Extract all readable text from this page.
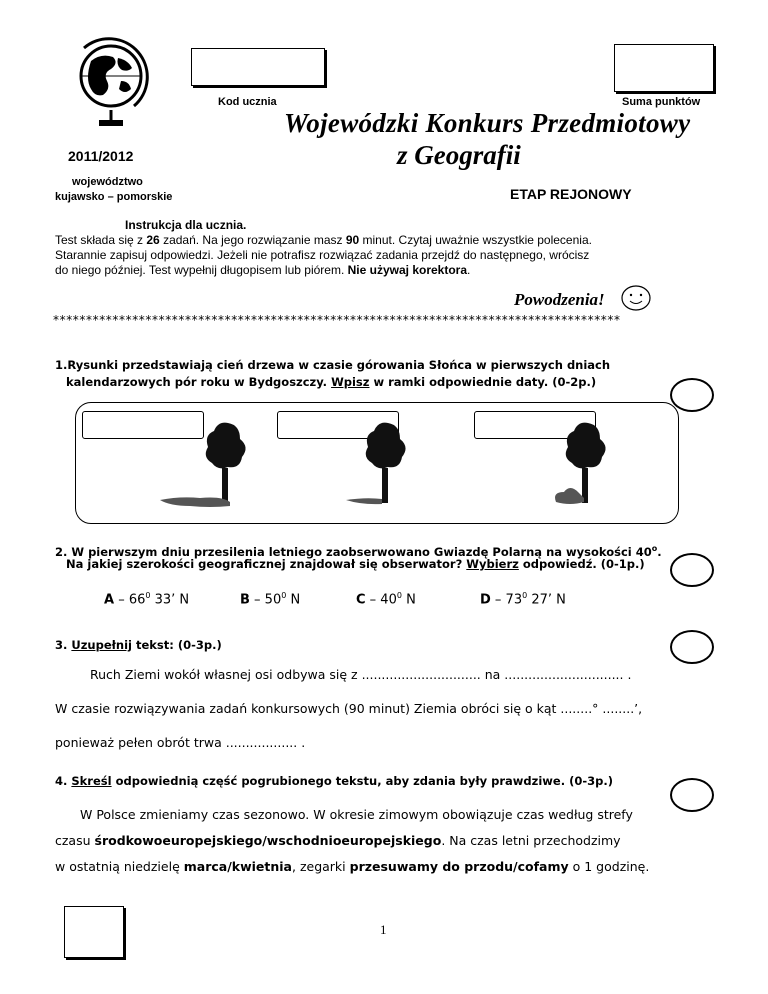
Kod ucznia	Suma punktów
Wojewódzki Konkurs Przedmiotowy
z Geografii
2011/2012
województwo
kujawsko – pomorskie	ETAP REJONOWY
Instrukcja dla ucznia.
Test składa się z 26 zadań. Na jego rozwiązanie masz 90 minut. Czytaj uważnie wszystkie polecenia.
Starannie zapisuj odpowiedzi. Jeżeli nie potrafisz rozwiązać zadania przejdź do następnego, wrócisz
do niego później. Test wypełnij długopisem lub piórem. Nie używaj korektora.
Powodzenia!
**************************************************************************************
1.Rysunki przedstawiają cień drzewa w czasie górowania Słońca w pierwszych dniach
kalendarzowych pór roku w Bydgoszczy. Wpisz w ramki odpowiednie daty. (0-2p.)
2. W pierwszym dniu przesilenia letniego zaobserwowano Gwiazdę Polarną na wysokości 40$^o$.
Na jakiej szerokości geograficznej znajdował się obserwator? Wybierz odpowiedź. (0-1p.)
A – $66^0$ 33’ N	B – $50^0$ N	C – $40^0$ N	D – $73^0$ 27’ N
3. Uzupełnij tekst: (0-3p.)
Ruch Ziemi wokół własnej osi odbywa się z .............................. na .............................. .
W czasie rozwiązywania zadań konkursowych (90 minut) Ziemia obróci się o kąt ........° ........’,
ponieważ pełen obrót trwa .................. .
4. Skreśl odpowiednią część pogrubionego tekstu, aby zdania były prawdziwe. (0-3p.)
W Polsce zmieniamy czas sezonowo. W okresie zimowym obowiązuje czas według strefy
czasu środkowoeuropejskiego/wschodnioeuropejskiego. Na czas letni przechodzimy
w ostatnią niedzielę marca/kwietnia, zegarki przesuwamy do przodu/cofamy o 1 godzinę.
1
